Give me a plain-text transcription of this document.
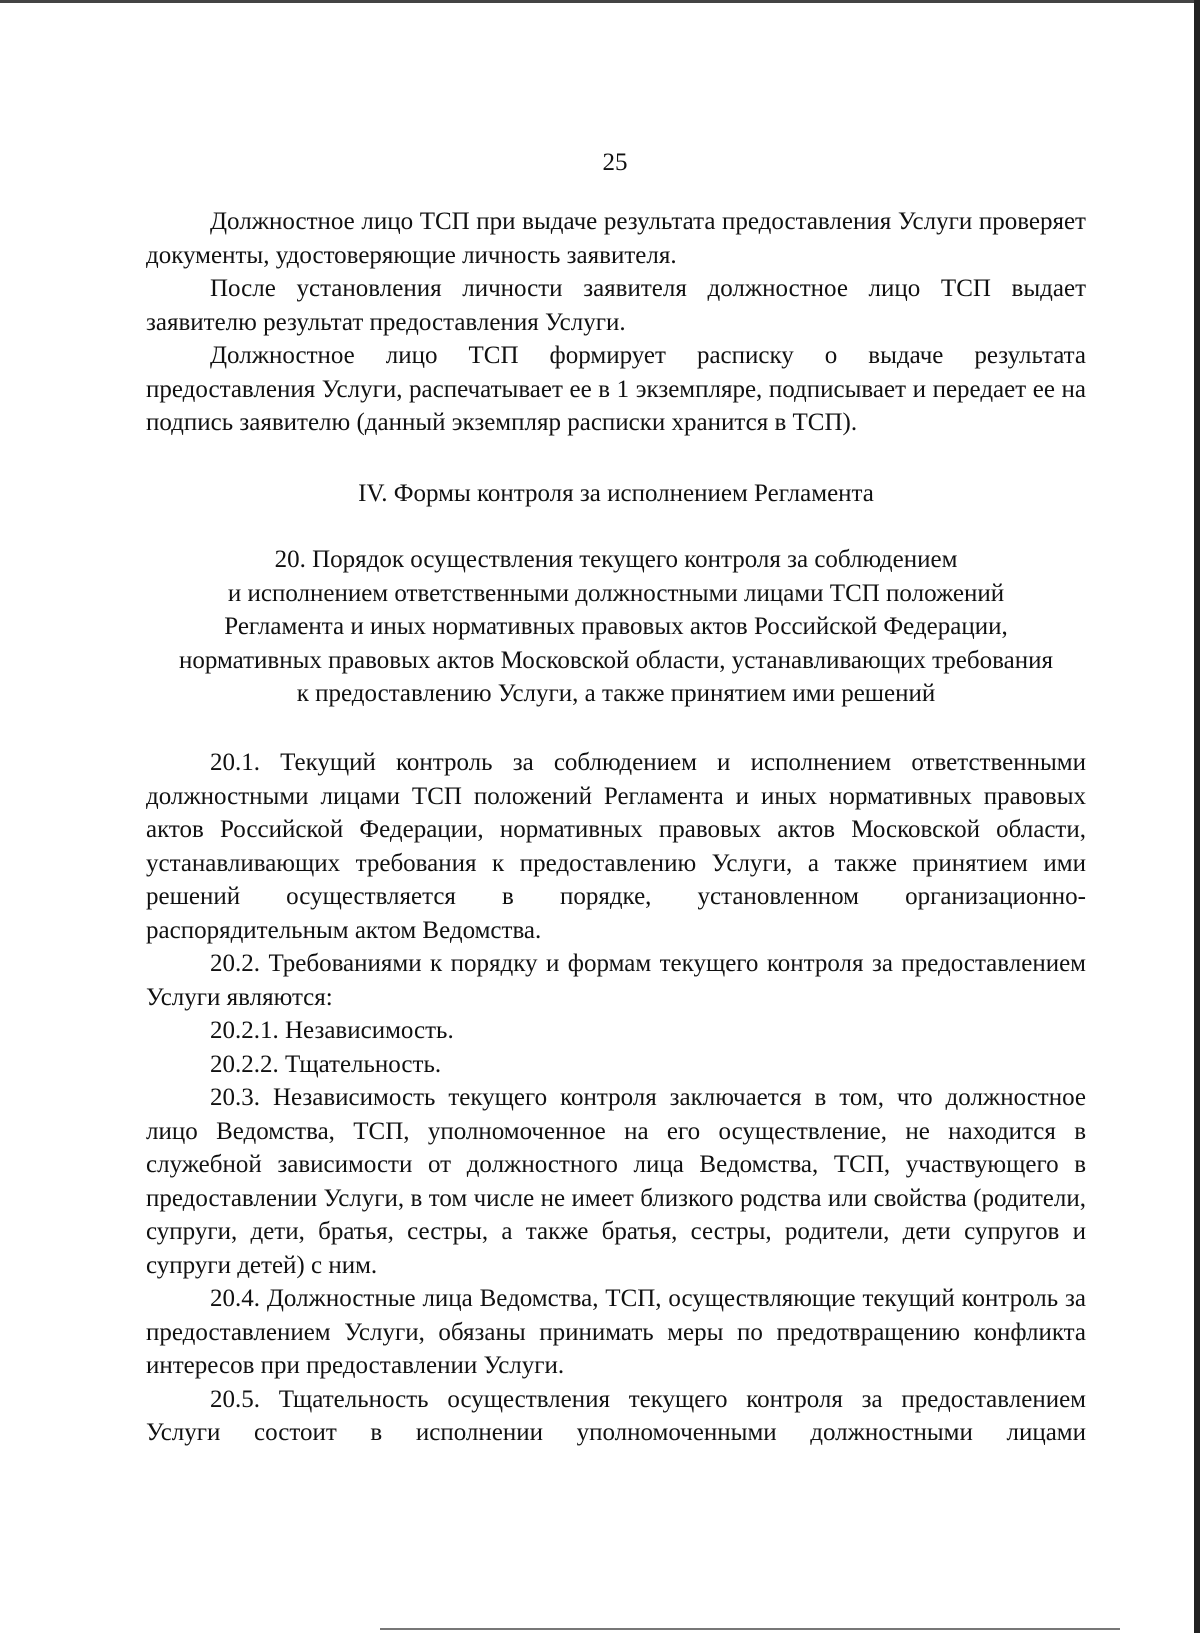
25

Должностное лицо ТСП при выдаче результата предоставления Услуги проверяет документы, удостоверяющие личность заявителя.

После установления личности заявителя должностное лицо ТСП выдает заявителю результат предоставления Услуги.

Должностное лицо ТСП формирует расписку о выдаче результата предоставления Услуги, распечатывает ее в 1 экземпляре, подписывает и передает ее на подпись заявителю (данный экземпляр расписки хранится в ТСП).

IV. Формы контроля за исполнением Регламента
20. Порядок осуществления текущего контроля за соблюдением
и исполнением ответственными должностными лицами ТСП положений
Регламента и иных нормативных правовых актов Российской Федерации,
нормативных правовых актов Московской области, устанавливающих требования
к предоставлению Услуги, а также принятием ими решений

20.1. Текущий контроль за соблюдением и исполнением ответственными должностными лицами ТСП положений Регламента и иных нормативных правовых актов Российской Федерации, нормативных правовых актов Московской области, устанавливающих требования к предоставлению Услуги, а также принятием ими решений осуществляется в порядке, установленном организационно-распорядительным актом Ведомства.

20.2. Требованиями к порядку и формам текущего контроля за предоставлением Услуги являются:

20.2.1. Независимость.

20.2.2. Тщательность.

20.3. Независимость текущего контроля заключается в том, что должностное лицо Ведомства, ТСП, уполномоченное на его осуществление, не находится в служебной зависимости от должностного лица Ведомства, ТСП, участвующего в предоставлении Услуги, в том числе не имеет близкого родства или свойства (родители, супруги, дети, братья, сестры, а также братья, сестры, родители, дети супругов и супруги детей) с ним.

20.4. Должностные лица Ведомства, ТСП, осуществляющие текущий контроль за предоставлением Услуги, обязаны принимать меры по предотвращению конфликта интересов при предоставлении Услуги.

20.5. Тщательность осуществления текущего контроля за предоставлением Услуги состоит в исполнении уполномоченными должностными лицами
